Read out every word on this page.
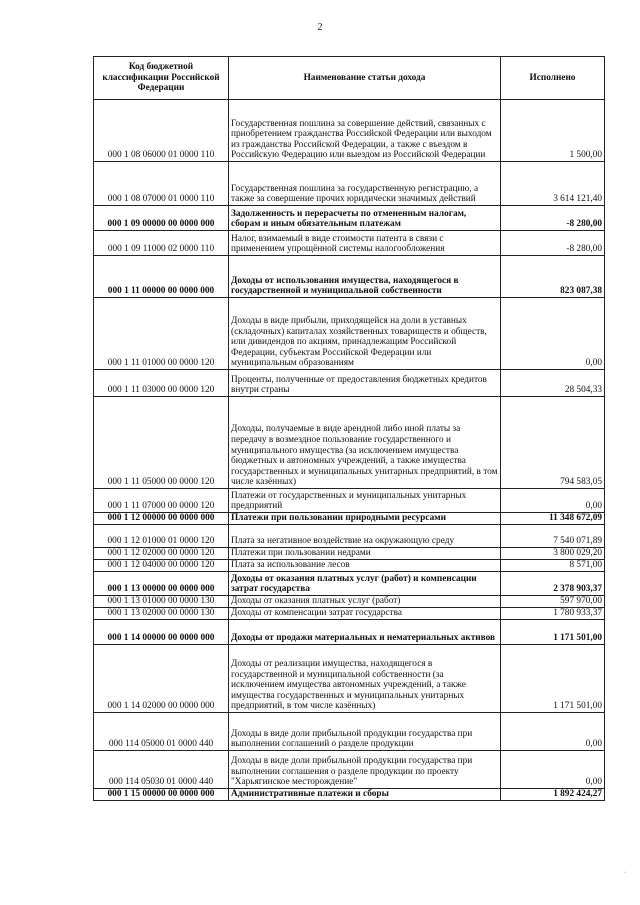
2
Код бюджетной классификации Российской Федерации	Наименование статьи дохода	Исполнено
000 1 08 06000 01 0000 110	Государственная пошлина за совершение действий, связанных с приобретением гражданства Российской Федерации или выходом из гражданства Российской Федерации, а также с въездом в Российскую Федерацию или выездом из Российской Федерации	1 500,00
000 1 08 07000 01 0000 110	Государственная пошлина за государственную регистрацию, а также за совершение прочих юридически значимых действий	3 614 121,40
000 1 09 00000 00 0000 000	Задолженность и перерасчеты по отмененным налогам, сборам и иным обязательным платежам	-8 280,00
000 1 09 11000 02 0000 110	Налог, взимаемый в виде стоимости патента в связи с применением упрощённой системы налогообложения	-8 280,00
000 1 11 00000 00 0000 000	Доходы от использования имущества, находящегося в государственной и муниципальной собственности	823 087,38
000 1 11 01000 00 0000 120	Доходы в виде прибыли, приходящейся на доли в уставных (складочных) капиталах хозяйственных товариществ и обществ, или дивидендов по акциям, принадлежащим Российской Федерации, субъектам Российской Федерации или муниципальным образованиям	0,00
000 1 11 03000 00 0000 120	Проценты, полученные от предоставления бюджетных кредитов внутри страны	28 504,33
000 1 11 05000 00 0000 120	Доходы, получаемые в виде арендной либо иной платы за передачу в возмездное пользование государственного и муниципального имущества (за исключением имущества бюджетных и автономных учреждений, а также имущества государственных и муниципальных унитарных предприятий, в том числе казённых)	794 583,05
000 1 11 07000 00 0000 120	Платежи от государственных и муниципальных унитарных предприятий	0,00
000 1 12 00000 00 0000 000	Платежи при пользовании природными ресурсами	11 348 672,09
000 1 12 01000 01 0000 120	Плата за негативное воздействие на окружающую среду	7 540 071,89
000 1 12 02000 00 0000 120	Платежи при пользовании недрами	3 800 029,20
000 1 12 04000 00 0000 120	Плата за использование лесов	8 571,00
000 1 13 00000 00 0000 000	Доходы от оказания платных услуг (работ) и компенсации затрат государства	2 378 903,37
000 1 13 01000 00 0000 130	Доходы от оказания платных услуг (работ)	597 970,00
000 1 13 02000 00 0000 130	Доходы от компенсации затрат государства	1 780 933,37
000 1 14 00000 00 0000 000	Доходы от продажи материальных и нематериальных активов	1 171 501,00
000 1 14 02000 00 0000 000	Доходы от реализации имущества, находящегося в государственной и муниципальной собственности (за исключением имущества автономных учреждений, а также имущества государственных и муниципальных унитарных предприятий, в том числе казённых)	1 171 501,00
000 114 05000 01 0000 440	Доходы в виде доли прибыльной продукции государства при выполнении соглашений о разделе продукции	0,00
000 114 05030 01 0000 440	Доходы в виде доли прибыльной продукции государства при выполнении соглашения о разделе продукции по проекту "Харьягинское месторождение"	0,00
000 1 15 00000 00 0000 000	Административные платежи и сборы	1 892 424,27
·
